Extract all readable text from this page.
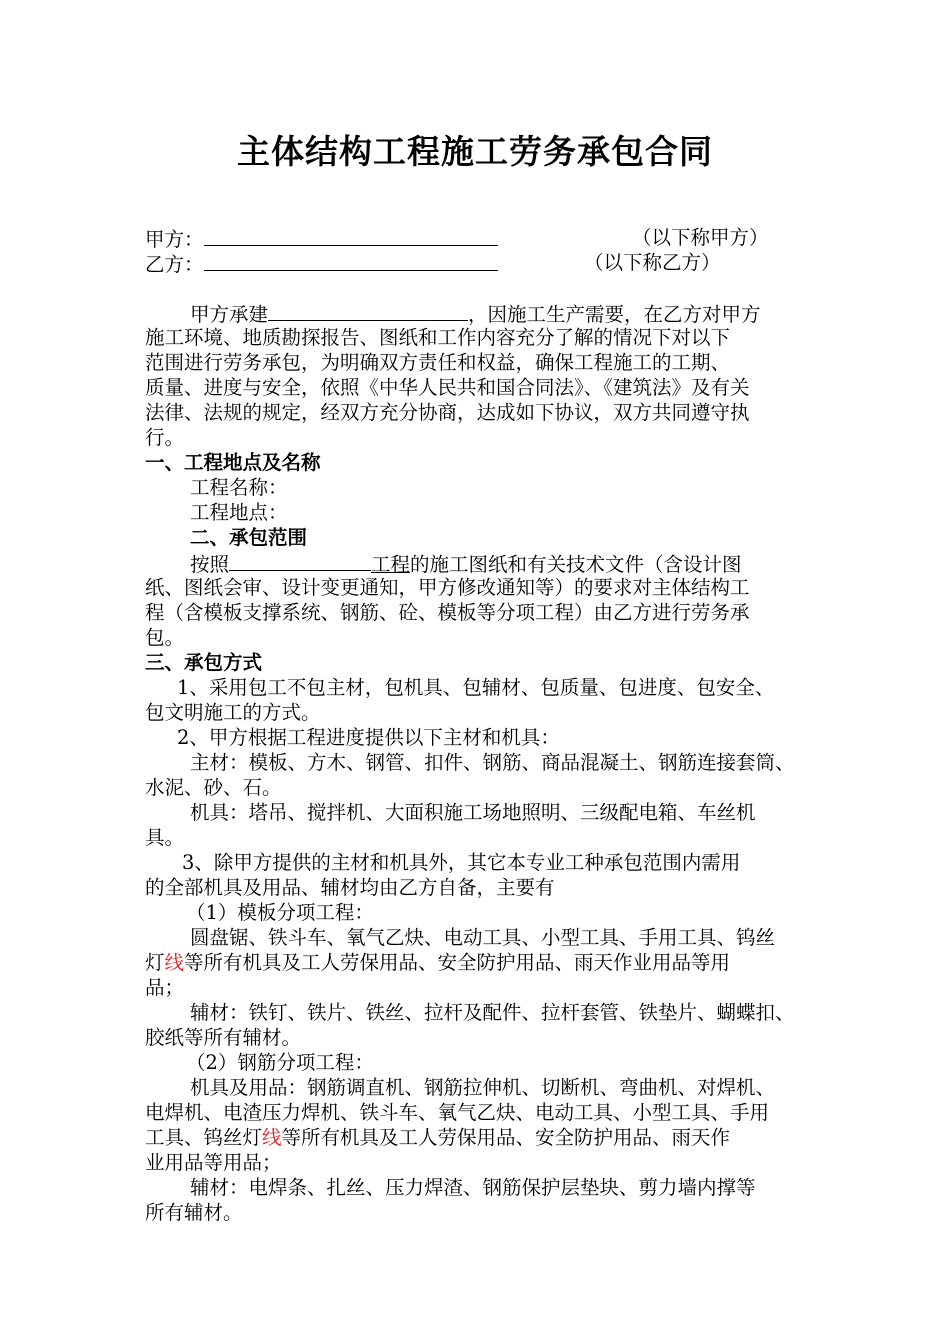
主体结构工程施工劳务承包合同
甲方：	（以下称甲方）
乙方：	（以下称乙方）
甲方承建	，因施工生产需要，在乙方对甲方
施工环境、地质勘探报告、图纸和工作内容充分了解的情况下对以下
范围进行劳务承包，为明确双方责任和权益，确保工程施工的工期、
质量、进度与安全，依照《中华人民共和国合同法》、《建筑法》及有关
法律、法规的规定，经双方充分协商，达成如下协议，双方共同遵守执
行。
一、工程地点及名称
工程名称：
工程地点：
二、承包范围
按照	工程的施工图纸和有关技术文件（含设计图
纸、图纸会审、设计变更通知，甲方修改通知等）的要求对主体结构工
程（含模板支撑系统、钢筋、砼、模板等分项工程）由乙方进行劳务承
包。
三、承包方式
1、采用包工不包主材，包机具、包辅材、包质量、包进度、包安全、
包文明施工的方式。
2、甲方根据工程进度提供以下主材和机具：
主材：模板、方木、钢管、扣件、钢筋、商品混凝土、钢筋连接套筒、
水泥、砂、石。
机具：塔吊、搅拌机、大面积施工场地照明、三级配电箱、车丝机
具。
3、除甲方提供的主材和机具外，其它本专业工种承包范围内需用
的全部机具及用品、辅材均由乙方自备，主要有
（1）模板分项工程：
圆盘锯、铁斗车、氧气乙炔、电动工具、小型工具、手用工具、钨丝
灯线等所有机具及工人劳保用品、安全防护用品、雨天作业用品等用
品；
辅材：铁钉、铁片、铁丝、拉杆及配件、拉杆套管、铁垫片、蝴蝶扣、
胶纸等所有辅材。
（2）钢筋分项工程：
机具及用品：钢筋调直机、钢筋拉伸机、切断机、弯曲机、对焊机、
电焊机、电渣压力焊机、铁斗车、氧气乙炔、电动工具、小型工具、手用
工具、钨丝灯线等所有机具及工人劳保用品、安全防护用品、雨天作
业用品等用品；
辅材：电焊条、扎丝、压力焊渣、钢筋保护层垫块、剪力墙内撑等
所有辅材。
